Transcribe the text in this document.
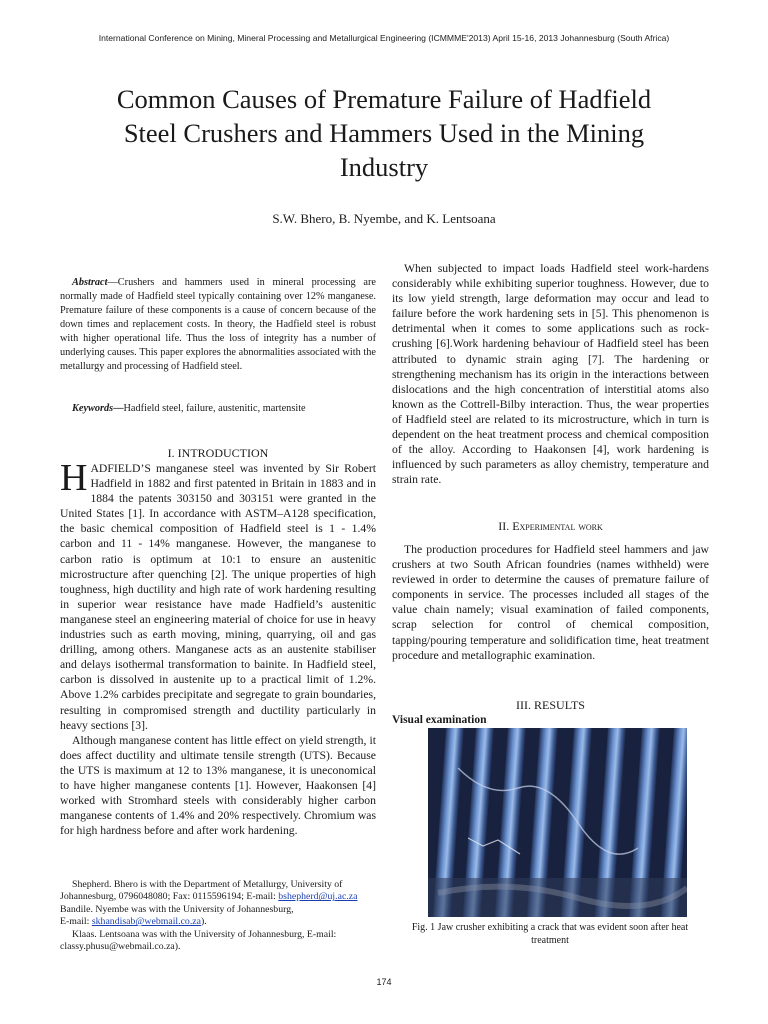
International Conference on Mining, Mineral Processing and Metallurgical Engineering (ICMMME'2013) April 15-16, 2013 Johannesburg (South Africa)
Common Causes of Premature Failure of Hadfield Steel Crushers and Hammers Used in the Mining Industry
S.W. Bhero, B. Nyembe, and K. Lentsoana
Abstract—Crushers and hammers used in mineral processing are normally made of Hadfield steel typically containing over 12% manganese. Premature failure of these components is a cause of concern because of the down times and replacement costs. In theory, the Hadfield steel is robust with higher operational life. Thus the loss of integrity has a number of underlying causes. This paper explores the abnormalities associated with the metallurgy and processing of Hadfield steel.
Keywords—Hadfield steel, failure, austenitic, martensite
I. INTRODUCTION

HADFIELD’S manganese steel was invented by Sir Robert Hadfield in 1882 and first patented in Britain in 1883 and in 1884 the patents 303150 and 303151 were granted in the United States [1]. In accordance with ASTM–A128 specification, the basic chemical composition of Hadfield steel is 1 - 1.4% carbon and 11 - 14% manganese. However, the manganese to carbon ratio is optimum at 10:1 to ensure an austenitic microstructure after quenching [2]. The unique properties of high toughness, high ductility and high rate of work hardening resulting in superior wear resistance have made Hadfield’s austenitic manganese steel an engineering material of choice for use in heavy industries such as earth moving, mining, quarrying, oil and gas drilling, among others. Manganese acts as an austenite stabiliser and delays isothermal transformation to bainite. In Hadfield steel, carbon is dissolved in austenite up to a practical limit of 1.2%. Above 1.2% carbides precipitate and segregate to grain boundaries, resulting in compromised strength and ductility particularly in heavy sections [3].

Although manganese content has little effect on yield strength, it does affect ductility and ultimate tensile strength (UTS). Because the UTS is maximum at 12 to 13% manganese, it is uneconomical to have higher manganese contents [1]. However, Haakonsen [4] worked with Stromhard steels with considerably higher carbon manganese contents of 1.4% and 20% respectively. Chromium was for high hardness before and after work hardening.

Shepherd. Bhero is with the Department of Metallurgy, University of Johannesburg, 0796048080; Fax: 0115596194; E-mail: bshepherd@uj.ac.za
Bandile. Nyembe was with the University of Johannesburg,
E-mail: skhandisab@webmail.co.za).
Klaas. Lentsoana was with the University of Johannesburg, E-mail: classy.phusu@webmail.co.za).

When subjected to impact loads Hadfield steel work-hardens considerably while exhibiting superior toughness. However, due to its low yield strength, large deformation may occur and lead to failure before the work hardening sets in [5]. This phenomenon is detrimental when it comes to some applications such as rock-crushing [6].Work hardening behaviour of Hadfield steel has been attributed to dynamic strain aging [7]. The hardening or strengthening mechanism has its origin in the interactions between dislocations and the high concentration of interstitial atoms also known as the Cottrell-Bilby interaction. Thus, the wear properties of Hadfield steel are related to its microstructure, which in turn is dependent on the heat treatment process and chemical composition of the alloy. According to Haakonsen [4], work hardening is influenced by such parameters as alloy chemistry, temperature and strain rate.

II. Experimental work

The production procedures for Hadfield steel hammers and jaw crushers at two South African foundries (names withheld) were reviewed in order to determine the causes of premature failure of components in service. The processes included all stages of the value chain namely; visual examination of failed components, scrap selection for control of chemical composition, tapping/pouring temperature and solidification time, heat treatment procedure and metallographic examination.

III. RESULTS
Visual examination
Fig. 1 Jaw crusher exhibiting a crack that was evident soon after heat treatment
174
